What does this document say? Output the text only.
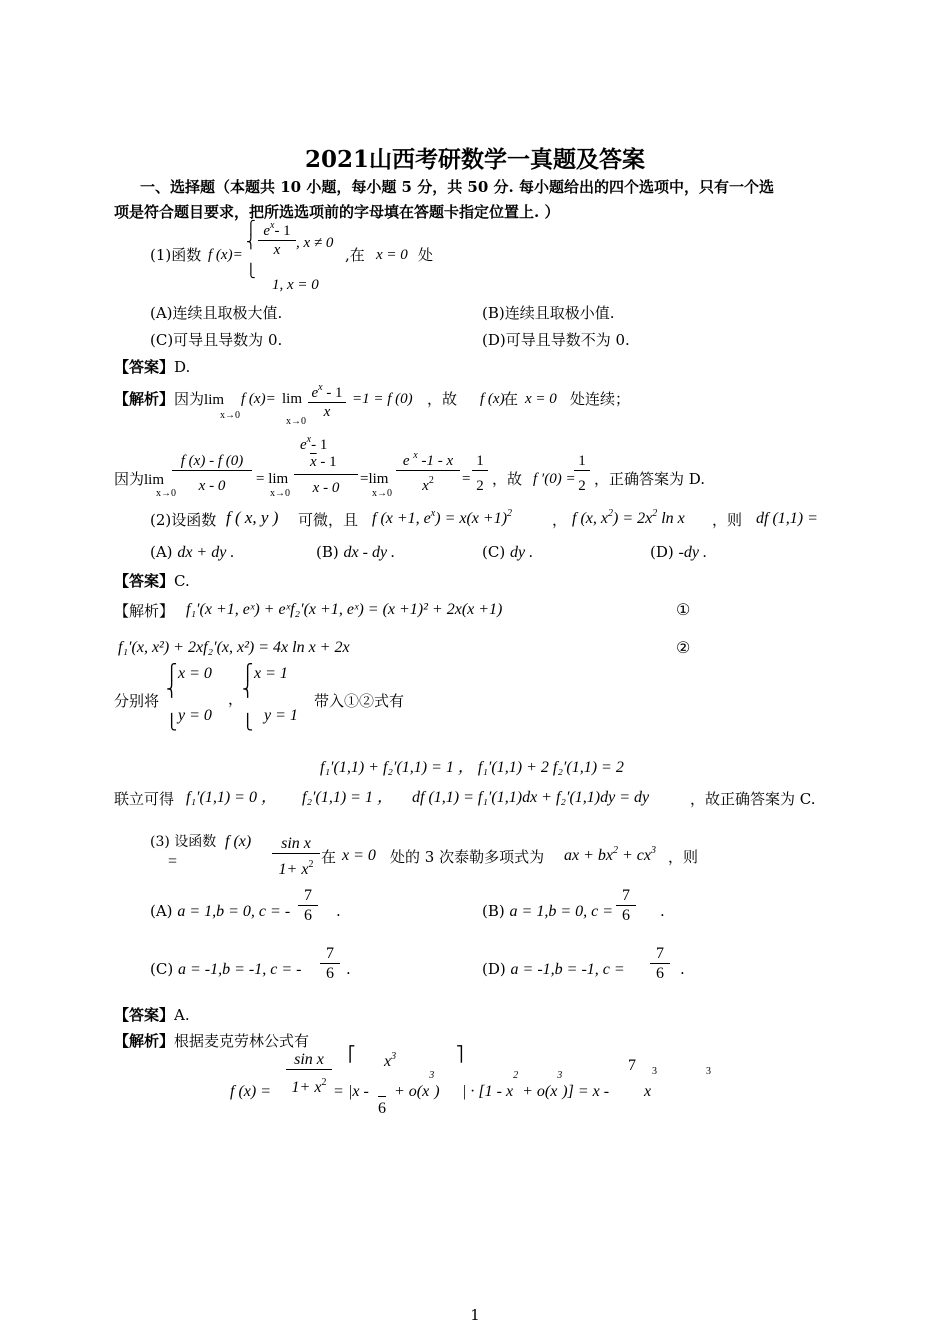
2021山西考研数学一真题及答案
一、选择题（本题共 10 小题，每小题 5 分，共 50 分. 每小题给出的四个选项中，只有一个选
项是符合题目要求，把所选选项前的字母填在答题卡指定位置上. ）
(1)函数 f (x)=
⎧
⎨

⎩
$\frac{e^x- 1}{x}$ , x ≠ 0
1, x = 0
,在 x = 0 处
(A)连续且取极大值.	(B)连续且取极小值.
(C)可导且导数为 0.	(D)可导且导数不为 0.
【答案】D.
【解析】因为lim
x→0
f (x)= lim
$x\to 0 \frac{e^x - 1}{x} =1 = f$ (0) ，故 f (x)
在 x = 0 处连续；
因为lim
x→0
$\frac{f (x) - f (0)}{x - 0} = \lim$
x→0
$e^x-$ 1
$\overline{x} - 1$
x - 0
=lim
$x\to 0 \frac{e ^x -1 - x}{x^2} = \frac{1}{2}$ ，故 f ′(0) =
$\frac{1}{2}$ ，正确答案为 D.
(2)设函数 f ( x, y ) 可微，且 f (x +1, $e^x) = x(x +1)^2$	， f (x, $x^2) = 2x^2$ ln x ，则 df (1,1) =
(A) dx + dy .	(B) dx - dy .	(C) dy .	(D) -dy .
【答案】C.
【解析】 f₁′(x +1, eˣ) + eˣf₂′(x +1, eˣ) = (x +1)² + 2x(x +1)	①
f₁′(x, x²) + 2xf₂′(x, x²) = 4x ln x + 2x	②
分别将
⎧
⎨

⎩
x = 0
y = 0
，
⎧
⎨

⎩
x = 1
y = 1
带入①②式有
f₁′(1,1) + f₂′(1,1) = 1 ， f₁′(1,1) + 2 f₂′(1,1) = 2
联立可得 f₁′(1,1) = 0 ， f₂′(1,1) = 1 ， df (1,1) = f₁′(1,1)dx + f₂′(1,1)dy = dy	，故正确答案为 C.
(3) 设函数 f (x)
=	$\frac{\text{sin x}}{1+ x^2}$ 在 x = 0 处的 3 次泰勒多项式为 ax + $bx^2 + cx^3$ ，则
(A) a = 1,b = 0, c = - $\frac{7}{6}$ .	(B) a = 1,b = 0, $c = \frac{7}{6}$ .
(C) a = -1,b = -1, c = - $\frac{7}{6}$ .	(D) a = -1,b = -1, $c = \frac{7}{6}$ .
【答案】A.
【解析】根据麦克劳林公式有
f $(x) = \frac{\text{sin x}}{1+ x^2}$ =
⎡
|x -
$x^3$
6
+ $o(x^3)$
⎤
| · $[1 - x^2 + o(x^3)] = x$ -
7 3
x
3
1
